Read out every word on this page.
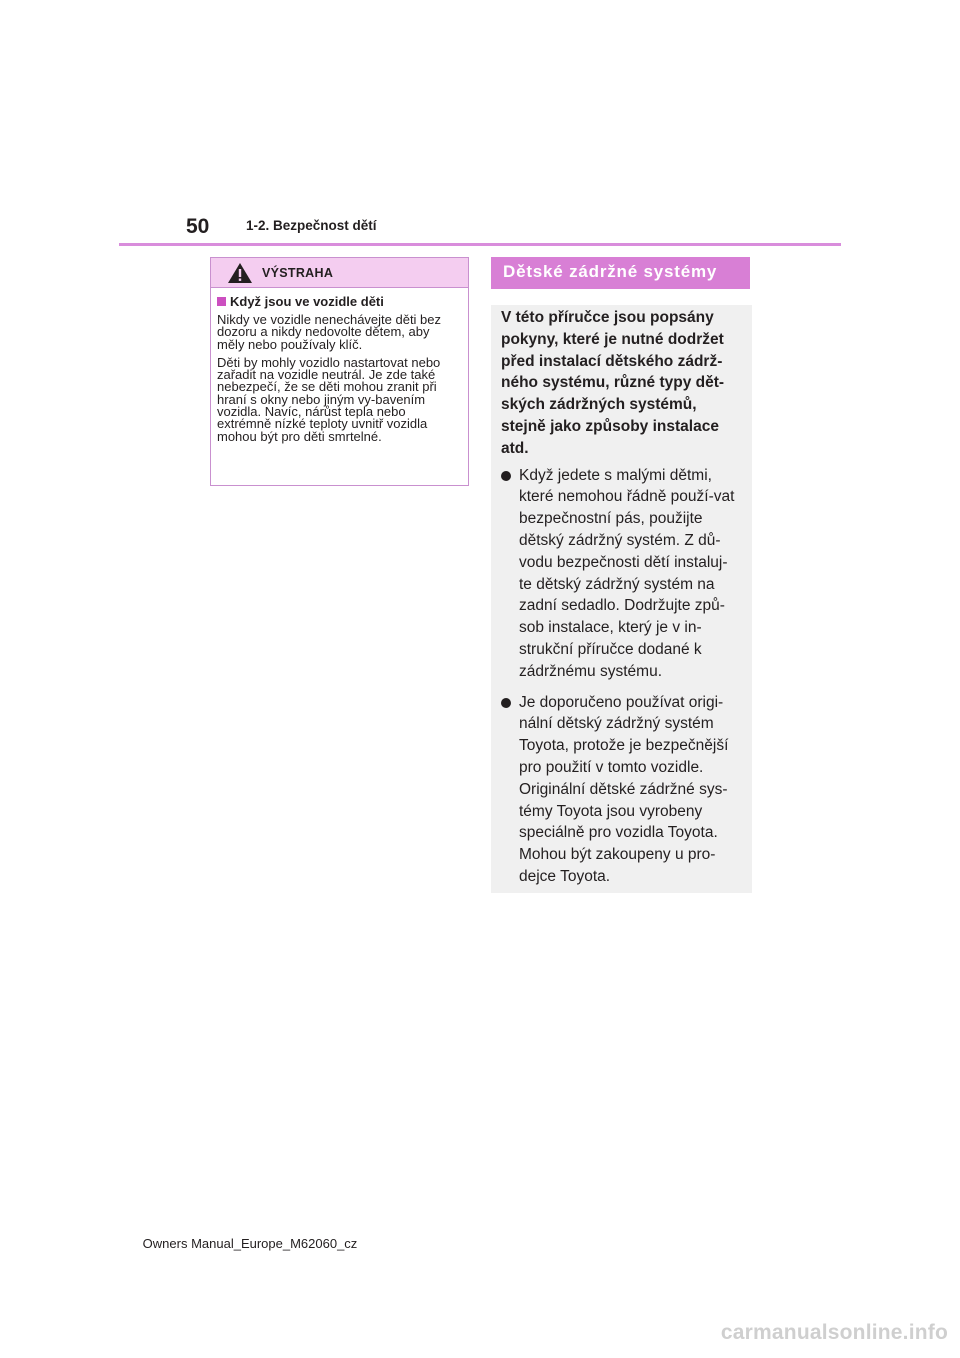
50	1-2. Bezpečnost dětí
VÝSTRAHA
Když jsou ve vozidle děti

Nikdy ve vozidle nenechávejte děti bez dozoru a nikdy nedovolte dětem, aby měly nebo používaly klíč.

Děti by mohly vozidlo nastartovat nebo zařadit na vozidle neutrál. Je zde také nebezpečí, že se děti mohou zranit při hraní s okny nebo jiným vy-bavením vozidla. Navíc, nárůst tepla nebo extrémně nízké teploty uvnitř vozidla mohou být pro děti smrtelné.

Dětské zádržné systémy

V této příručce jsou popsány pokyny, které je nutné dodržet před instalací dětského zádrž-ného systému, různé typy dět-ských zádržných systémů, stejně jako způsoby instalace atd.

Když jedete s malými dětmi, které nemohou řádně použí-vat bezpečnostní pás, použijte dětský zádržný systém. Z dů-vodu bezpečnosti dětí instaluj-te dětský zádržný systém na zadní sedadlo. Dodržujte způ-sob instalace, který je v in-strukční příručce dodané k zádržnému systému.
Je doporučeno používat origi-nální dětský zádržný systém Toyota, protože je bezpečnější pro použití v tomto vozidle. Originální dětské zádržné sys-témy Toyota jsou vyrobeny speciálně pro vozidla Toyota. Mohou být zakoupeny u pro-dejce Toyota.
Owners Manual_Europe_M62060_cz
carmanualsonline.info
